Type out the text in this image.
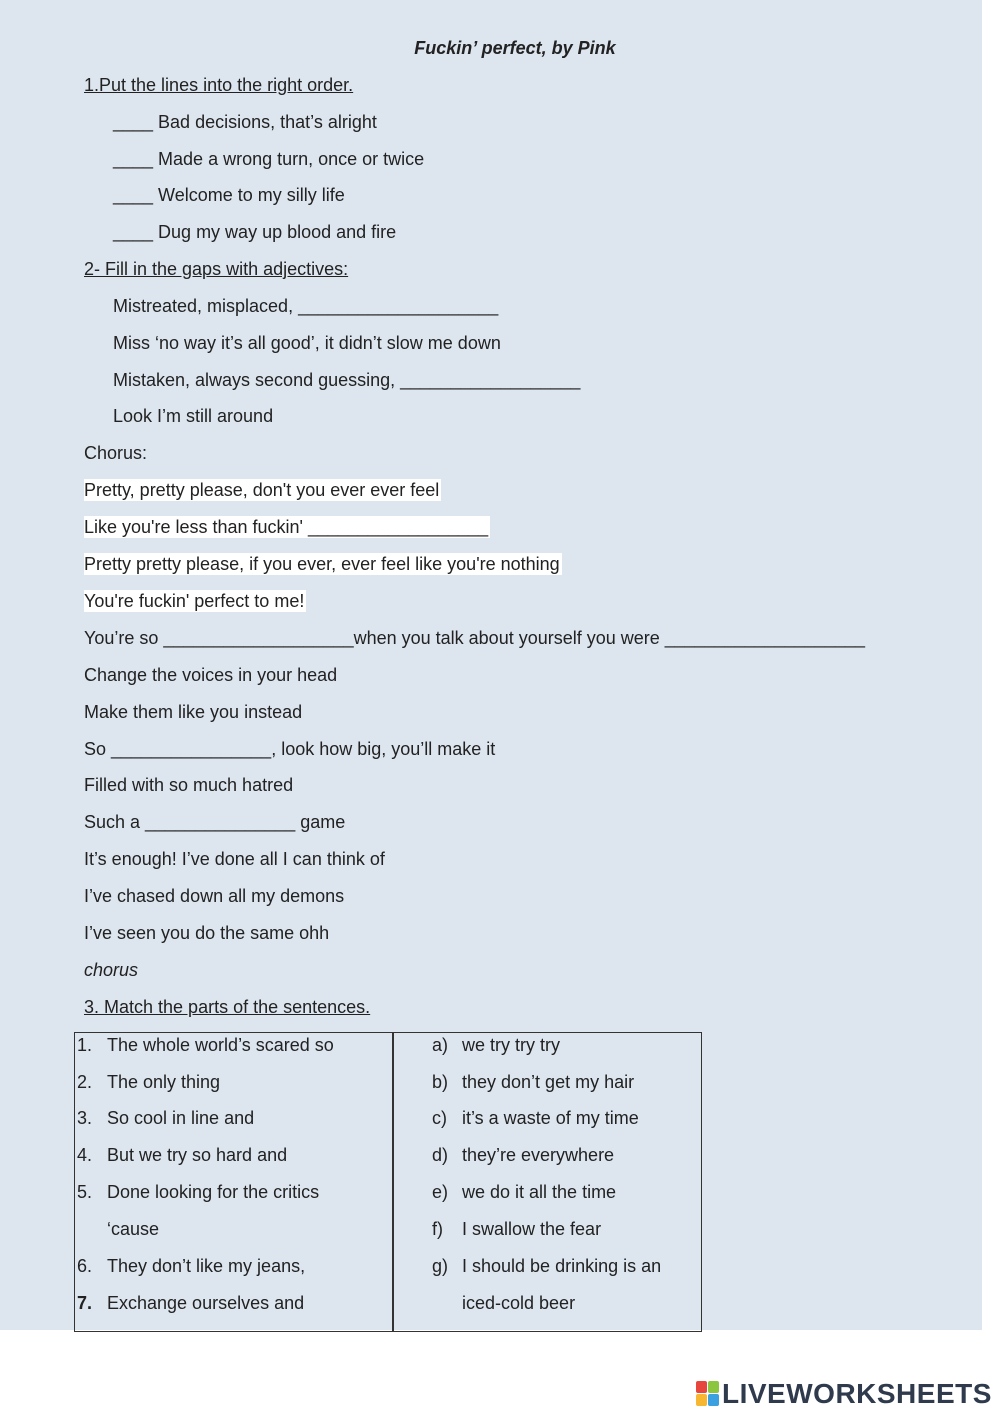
Fuckin’ perfect, by Pink
1.Put the lines into the right order.
____ Bad decisions, that’s alright
____ Made a wrong turn, once or twice
____ Welcome to my silly life
____ Dug my way up blood and fire
2- Fill in the gaps with adjectives:
Mistreated, misplaced, ____________________
Miss ‘no way it’s all good’, it didn’t slow me down
Mistaken, always second guessing, __________________
Look I’m still around
Chorus:
Pretty, pretty please, don't you ever ever feel
Like you're less than fuckin' __________________
Pretty pretty please, if you ever, ever feel like you're nothing
You're fuckin' perfect to me!
You’re so ___________________when you talk about yourself you were ____________________
Change the voices in your head
Make them like you instead
So ________________, look how big, you’ll make it
Filled with so much hatred
Such a _______________ game
It’s enough! I’ve done all I can think of
I’ve chased down all my demons
I’ve seen you do the same ohh
chorus
3. Match the parts of the sentences.
1. The whole world’s scared so
2. The only thing
3. So cool in line and
4. But we try so hard and
5. Done looking for the critics
‘cause
6. They don’t like my jeans,
7. Exchange ourselves and
a) we try try try
b) they don’t get my hair
c) it’s a waste of my time
d) they’re everywhere
e) we do it all the time
f) I swallow the fear
g) I should be drinking is an
iced-cold beer
LIVEWORKSHEETS
